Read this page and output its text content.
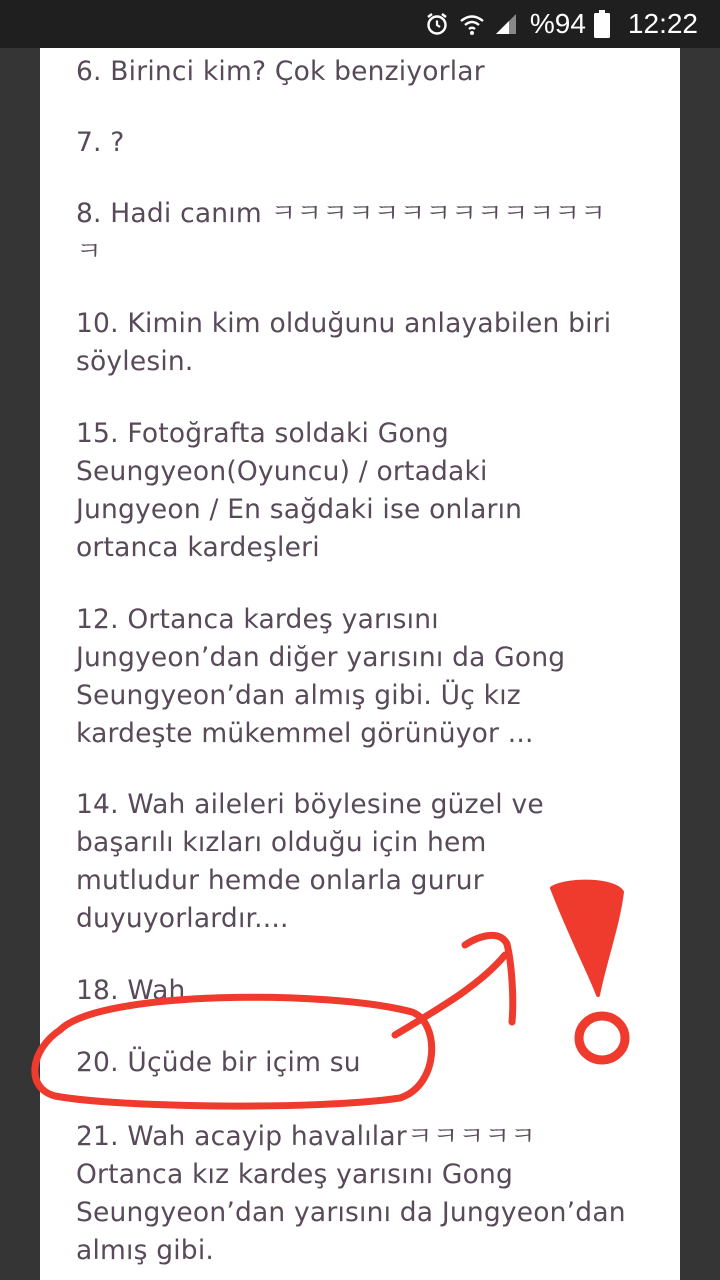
%94 12:22
6. Birinci kim? Çok benziyorlar
7. ?
8. Hadi canım ㅋㅋㅋㅋㅋㅋㅋㅋㅋㅋㅋㅋㅋ
ㅋ
10. Kimin kim olduğunu anlayabilen biri
söylesin.
15. Fotoğrafta soldaki Gong
Seungyeon(Oyuncu) / ortadaki
Jungyeon / En sağdaki ise onların
ortanca kardeşleri
12. Ortanca kardeş yarısını
Jungyeon’dan diğer yarısını da Gong
Seungyeon’dan almış gibi. Üç kız
kardeşte mükemmel görünüyor ...
14. Wah aileleri böylesine güzel ve
başarılı kızları olduğu için hem
mutludur hemde onlarla gurur
duyuyorlardır....
18. Wah
20. Üçüde bir içim su
21. Wah acayip havalılarㅋㅋㅋㅋㅋ
Ortanca kız kardeş yarısını Gong
Seungyeon’dan yarısını da Jungyeon’dan
almış gibi.
